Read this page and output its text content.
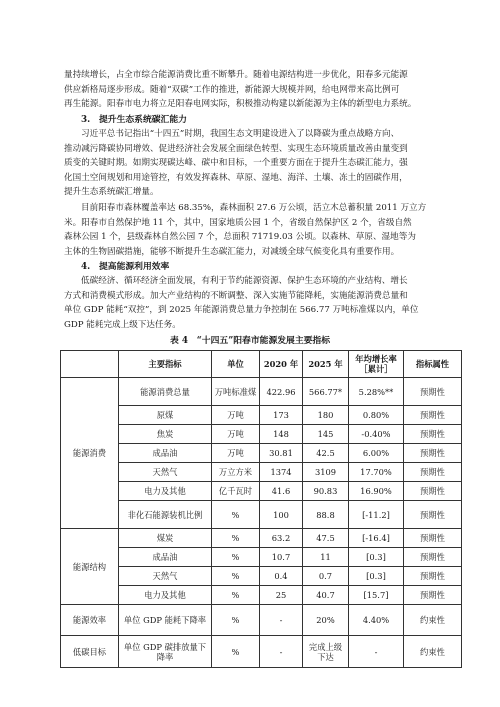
量持续增长，占全市综合能源消费比重不断攀升。随着电源结构进一步优化，阳春多元能源
供应新格局逐步形成。随着“双碳”工作的推进，新能源大规模并网，给电网带来高比例可
再生能源。阳春市电力将立足阳春电网实际，积极推动构建以新能源为主体的新型电力系统。

3.　提升生态系统碳汇能力

习近平总书记指出“十四五”时期，我国生态文明建设进入了以降碳为重点战略方向、
推动减污降碳协同增效、促进经济社会发展全面绿色转型、实现生态环境质量改善由量变到
质变的关键时期。如期实现碳达峰、碳中和目标，一个重要方面在于提升生态碳汇能力，强
化国土空间规划和用途管控，有效发挥森林、草原、湿地、海洋、土壤、冻土的固碳作用，
提升生态系统碳汇增量。

目前阳春市森林覆盖率达 68.35%，森林面积 27.6 万公顷，活立木总蓄积量 2011 万立方
米。阳春市自然保护地 11 个，其中，国家地质公园 1 个，省级自然保护区 2 个，省级自然
森林公园 1 个，县级森林自然公园 7 个，总面积 71719.03 公顷。以森林、草原、湿地等为
主体的生物固碳措施，能够不断提升生态碳汇能力，对减缓全球气候变化具有重要作用。

4.　提高能源利用效率

低碳经济、循环经济全面发展，有利于节约能源资源、保护生态环境的产业结构、增长
方式和消费模式形成。加大产业结构的不断调整、深入实施节能降耗，实施能源消费总量和
单位 GDP 能耗“双控”，到 2025 年能源消费总量力争控制在 566.77 万吨标准煤以内，单位
GDP 能耗完成上级下达任务。

表 4　“十四五”阳春市能源发展主要指标
	主要指标	单位	2020 年	2025 年	年均增长率
［累计］	指标属性
能源消费	能源消费总量	万吨标准煤	422.96	566.77*	5.28%**	预期性
	原煤	万吨	173	180	0.80%	预期性
	焦炭	万吨	148	145	-0.40%	预期性
	成品油	万吨	30.81	42.5	6.00%	预期性
	天然气	万立方米	1374	3109	17.70%	预期性
	电力及其他	亿千瓦时	41.6	90.83	16.90%	预期性
	非化石能源装机比例	%	100	88.8	[-11.2]	预期性
能源结构	煤炭	%	63.2	47.5	[-16.4]	预期性
	成品油	%	10.7	11	[0.3]	预期性
	天然气	%	0.4	0.7	[0.3]	预期性
	电力及其他	%	25	40.7	[15.7]	预期性
能源效率	单位 GDP 能耗下降率	%	-	20%	4.40%	约束性
低碳目标	单位 GDP 碳排放量下降率	%	-	完成上级下达	-	约束性
